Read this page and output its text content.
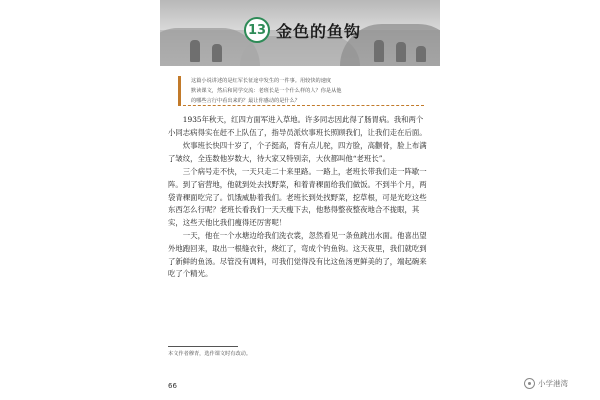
13 金色的鱼钩

这篇小说讲述的是红军长征途中发生的一件事。用较快的速度

默读课文，然后和同学交流：老班长是一个什么样的人？你是从他

的哪些言行中看出来的？最让你感动的是什么？

1935年秋天，红四方面军进入草地。许多同志因此得了肠胃病。我和两个小同志病得实在赶不上队伍了，指导员派炊事班长照顾我们，让我们走在后面。

炊事班长快四十岁了，个子挺高，背有点儿驼，四方脸，高颧骨，脸上布满了皱纹，全连数他岁数大，待大家又特别亲，大伙都叫他“老班长”。

三个病号走不快，一天只走二十来里路。一路上，老班长带我们走一阵歇一阵。到了宿营地，他就到处去找野菜，和着青稞面给我们做饭。不到半个月，两袋青稞面吃完了。饥饿威胁着我们。老班长到处找野菜，挖草根，可是光吃这些东西怎么行呢？老班长看我们一天天瘦下去，他愁得整夜整夜地合不拢眼，其实，这些天他比我们瘦得还厉害呢！

一天，他在一个水塘边给我们洗衣裳，忽然看见一条鱼跳出水面。他喜出望外地跑回来，取出一根缝衣针，烧红了，弯成个钓鱼钩。这天夜里，我们就吃到了新鲜的鱼汤。尽管没有调料，可我们觉得没有比这鱼汤更鲜美的了，端起碗来吃了个精光。

本文作者穆青，选作课文时有改动。
66	小学港湾
